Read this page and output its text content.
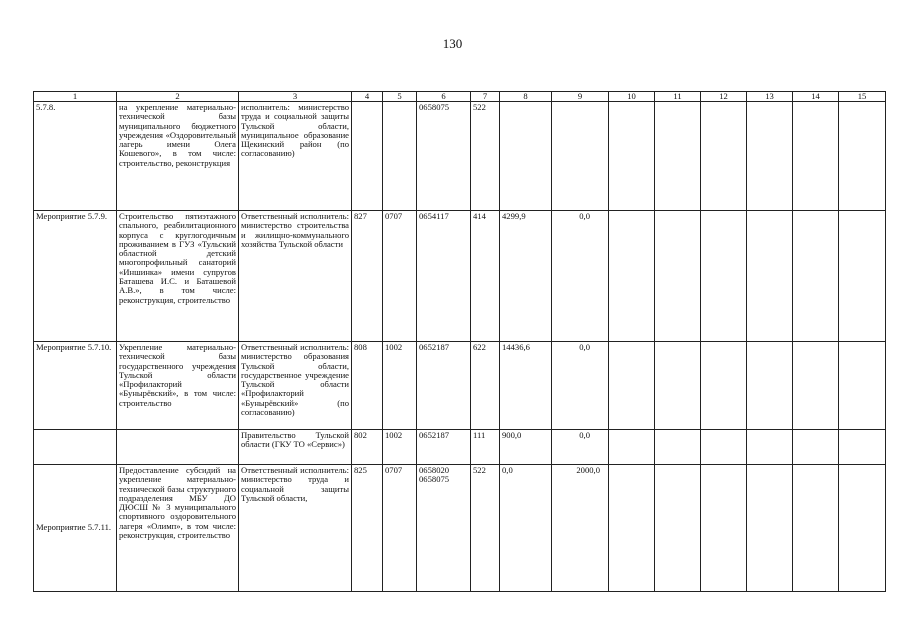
130
1	2	3	4	5	6	7	8	9	10	11	12	13	14	15
5.7.8.	на укрепление материально-технической базы муниципального бюджетного учреждения «Оздоровительный лагерь имени Олега Кошевого», в том числе: строительство, реконструкция	исполнитель: министерство труда и социальной защиты Тульской области, муниципальное образование Щекинский район (по согласованию)			0658075	522								
Мероприятие 5.7.9.	Строительство пятиэтажного спального, реабилитационного корпуса с круглогодичным проживанием в ГУЗ «Тульский областной детский многопрофильный санаторий «Иншинка» имени супругов Баташева И.С. и Баташевой А.В.», в том числе: реконструкция, строительство	Ответственный исполнитель: министерство строительства и жилищно-коммунального хозяйства Тульской области	827	0707	0654117	414	4299,9	0,0						
Мероприятие 5.7.10.	Укрепление материально-технической базы государственного учреждения Тульской области «Профилакторий «Бунырёвский», в том числе: строительство	Ответственный исполнитель: министерство образования Тульской области, государственное учреждение Тульской области «Профилакторий «Бунырёвский» (по согласованию)	808	1002	0652187	622	14436,6	0,0						
		Правительство Тульской области (ГКУ ТО «Сервис»)	802	1002	0652187	111	900,0	0,0						
Мероприятие 5.7.11.	Предоставление субсидий на укрепление материально-технической базы структурного подразделения МБУ ДО ДЮСШ № 3 муниципального спортивного оздоровительного лагеря «Олимп», в том числе: реконструкция, строительство	Ответственный исполнитель: министерство труда и социальной защиты Тульской области,	825	0707	0658020 0658075	522	0,0	2000,0						
